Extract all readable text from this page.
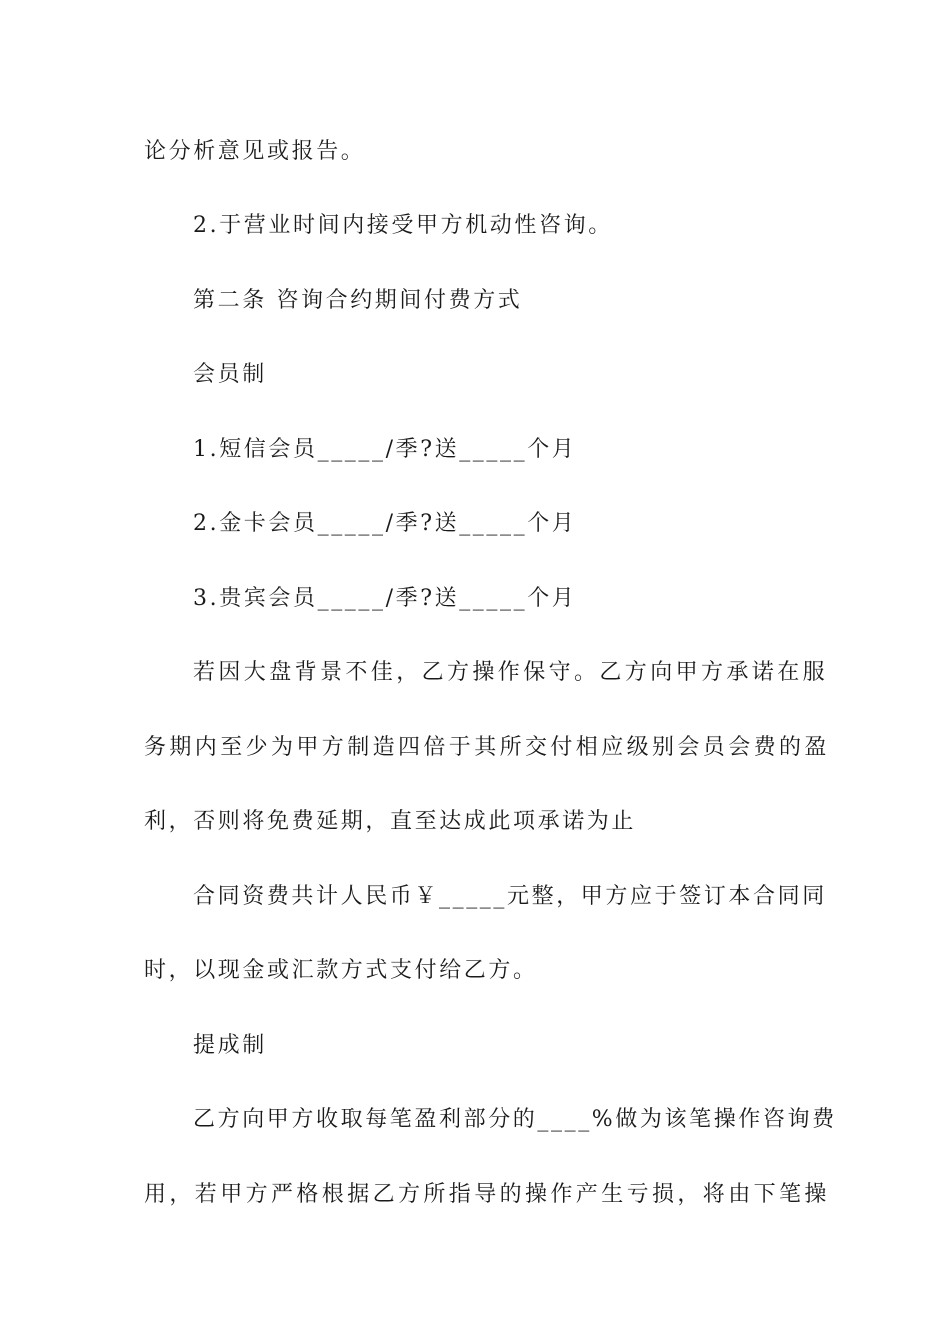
论分析意见或报告。
2.于营业时间内接受甲方机动性咨询。
第二条 咨询合约期间付费方式
会员制
1.短信会员_____/季?送_____个月
2.金卡会员_____/季?送_____个月
3.贵宾会员_____/季?送_____个月
若因大盘背景不佳，乙方操作保守。乙方向甲方承诺在服
务期内至少为甲方制造四倍于其所交付相应级别会员会费的盈
利，否则将免费延期，直至达成此项承诺为止
合同资费共计人民币￥_____元整，甲方应于签订本合同同
时，以现金或汇款方式支付给乙方。
提成制
乙方向甲方收取每笔盈利部分的____%做为该笔操作咨询费
用，若甲方严格根据乙方所指导的操作产生亏损，将由下笔操
